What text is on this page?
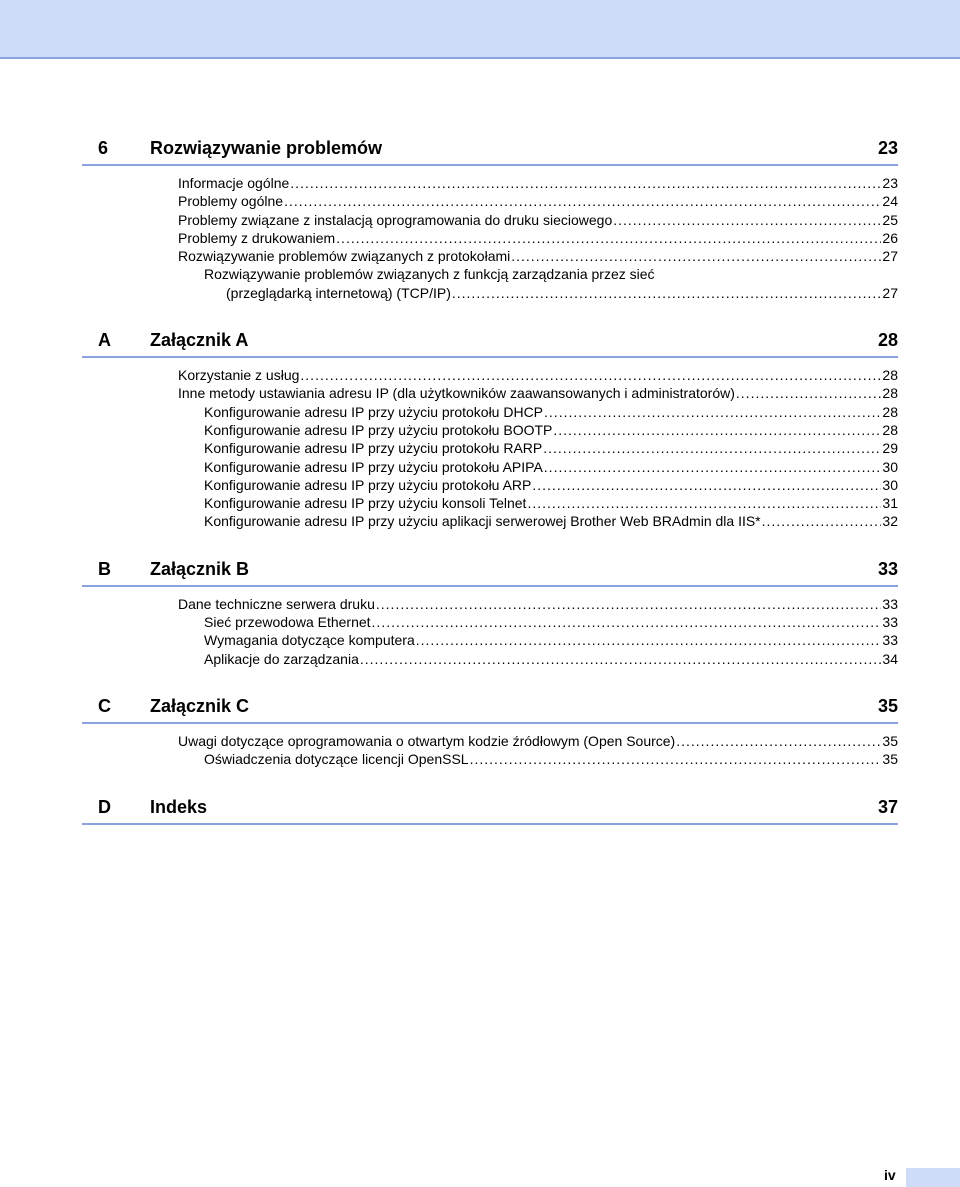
6 Rozwiązywanie problemów	23
Informacje ogólne .....	23
Problemy ogólne .....	24
Problemy związane z instalacją oprogramowania do druku sieciowego .....	25
Problemy z drukowaniem .....	26
Rozwiązywanie problemów związanych z protokołami .....	27
Rozwiązywanie problemów związanych z funkcją zarządzania przez sieć
(przeglądarką internetową) (TCP/IP) .....	27
A Załącznik A	28
Korzystanie z usług .....	28
Inne metody ustawiania adresu IP (dla użytkowników zaawansowanych i administratorów) .....	28
Konfigurowanie adresu IP przy użyciu protokołu DHCP .....	28
Konfigurowanie adresu IP przy użyciu protokołu BOOTP .....	28
Konfigurowanie adresu IP przy użyciu protokołu RARP .....	29
Konfigurowanie adresu IP przy użyciu protokołu APIPA .....	30
Konfigurowanie adresu IP przy użyciu protokołu ARP .....	30
Konfigurowanie adresu IP przy użyciu konsoli Telnet .....	31
Konfigurowanie adresu IP przy użyciu aplikacji serwerowej Brother Web BRAdmin dla IIS* .....	32
B Załącznik B	33
Dane techniczne serwera druku .....	33
Sieć przewodowa Ethernet .....	33
Wymagania dotyczące komputera .....	33
Aplikacje do zarządzania .....	34
C Załącznik C	35
Uwagi dotyczące oprogramowania o otwartym kodzie źródłowym (Open Source) .....	35
Oświadczenia dotyczące licencji OpenSSL .....	35
D Indeks	37
iv
